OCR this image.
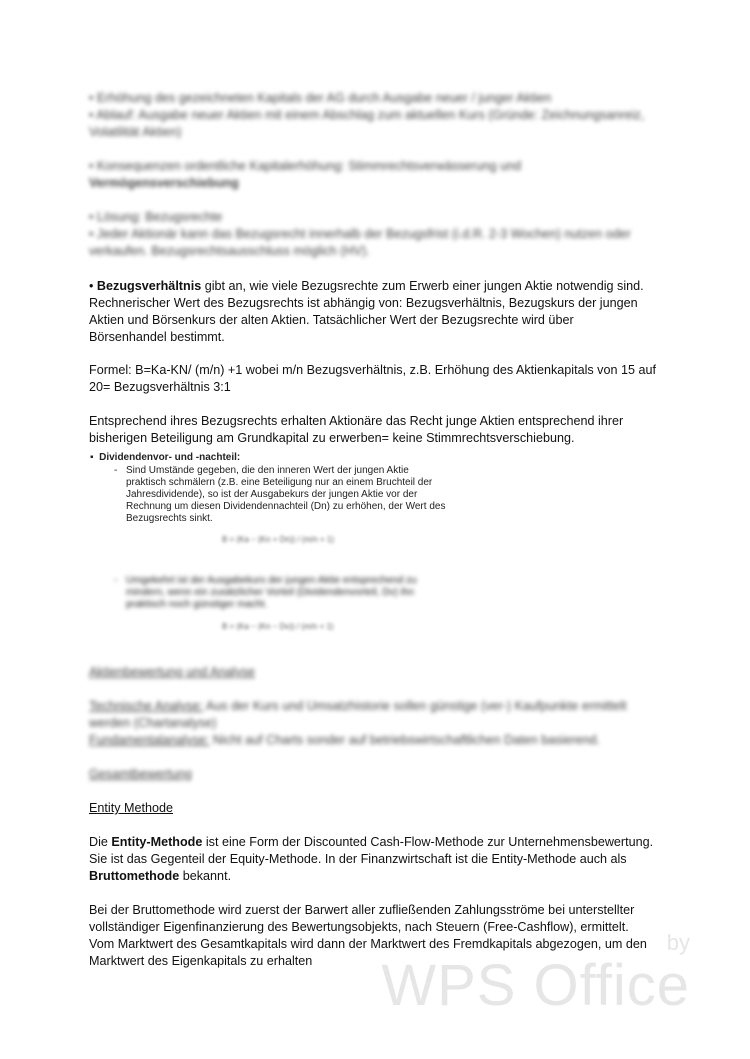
• Erhöhung des gezeichneten Kapitals der AG durch Ausgabe neuer / junger Aktien
• Ablauf: Ausgabe neuer Aktien mit einem Abschlag zum aktuellen Kurs (Gründe: Zeichnungsanreiz,
Volatilität Aktien)
• Konsequenzen ordentliche Kapitalerhöhung: Stimmrechtsverwässerung und
Vermögensverschiebung
• Lösung: Bezugsrechte
• Jeder Aktionär kann das Bezugsrecht innerhalb der Bezugsfrist (i.d.R. 2-3 Wochen) nutzen oder
verkaufen. Bezugsrechtsausschluss möglich (HV).
• Bezugsverhältnis gibt an, wie viele Bezugsrechte zum Erwerb einer jungen Aktie notwendig sind.
Rechnerischer Wert des Bezugsrechts ist abhängig von: Bezugsverhältnis, Bezugskurs der jungen
Aktien und Börsenkurs der alten Aktien. Tatsächlicher Wert der Bezugsrechte wird über
Börsenhandel bestimmt.
Formel: B=Ka-KN/ (m/n) +1 wobei m/n Bezugsverhältnis, z.B. Erhöhung des Aktienkapitals von 15 auf
20= Bezugsverhältnis 3:1
Entsprechend ihres Bezugsrechts erhalten Aktionäre das Recht junge Aktien entsprechend ihrer
bisherigen Beteiligung am Grundkapital zu erwerben= keine Stimmrechtsverschiebung.
▪  Dividendenvor- und -nachteil:
- Sind Umstände gegeben, die den inneren Wert der jungen Aktie
praktisch schmälern (z.B. eine Beteiligung nur an einem Bruchteil der
Jahresdividende), so ist der Ausgabekurs der jungen Aktie vor der
Rechnung um diesen Dividendennachteil (Dn) zu erhöhen, der Wert des
Bezugsrechts sinkt.
B = (Ka − (Kn + Dn)) / (m/n + 1)
- Umgekehrt ist der Ausgabekurs der jungen Aktie entsprechend zu
mindern, wenn ein zusätzlicher Vorteil (Dividendenvorteil, Dv) ihn
praktisch noch günstiger macht.
B = (Ka − (Kn − Dv)) / (m/n + 1)
Aktienbewertung und Analyse
Technische Analyse: Aus der Kurs und Umsatzhistorie sollen günstige (ver-) Kaufpunkte ermittelt
werden (Chartanalyse)
Fundamentalanalyse: Nicht auf Charts sonder auf betriebswirtschaftlichen Daten basierend.
Gesamtbewertung
Entity Methode
Die Entity-Methode ist eine Form der Discounted Cash-Flow-Methode zur Unternehmensbewertung.
Sie ist das Gegenteil der Equity-Methode. In der Finanzwirtschaft ist die Entity-Methode auch als
Bruttomethode bekannt.
Bei der Bruttomethode wird zuerst der Barwert aller zufließenden Zahlungsströme bei unterstellter
vollständiger Eigenfinanzierung des Bewertungsobjekts, nach Steuern (Free-Cashflow), ermittelt.
Vom Marktwert des Gesamtkapitals wird dann der Marktwert des Fremdkapitals abgezogen, um den
Marktwert des Eigenkapitals zu erhalten
by
WPS Office
